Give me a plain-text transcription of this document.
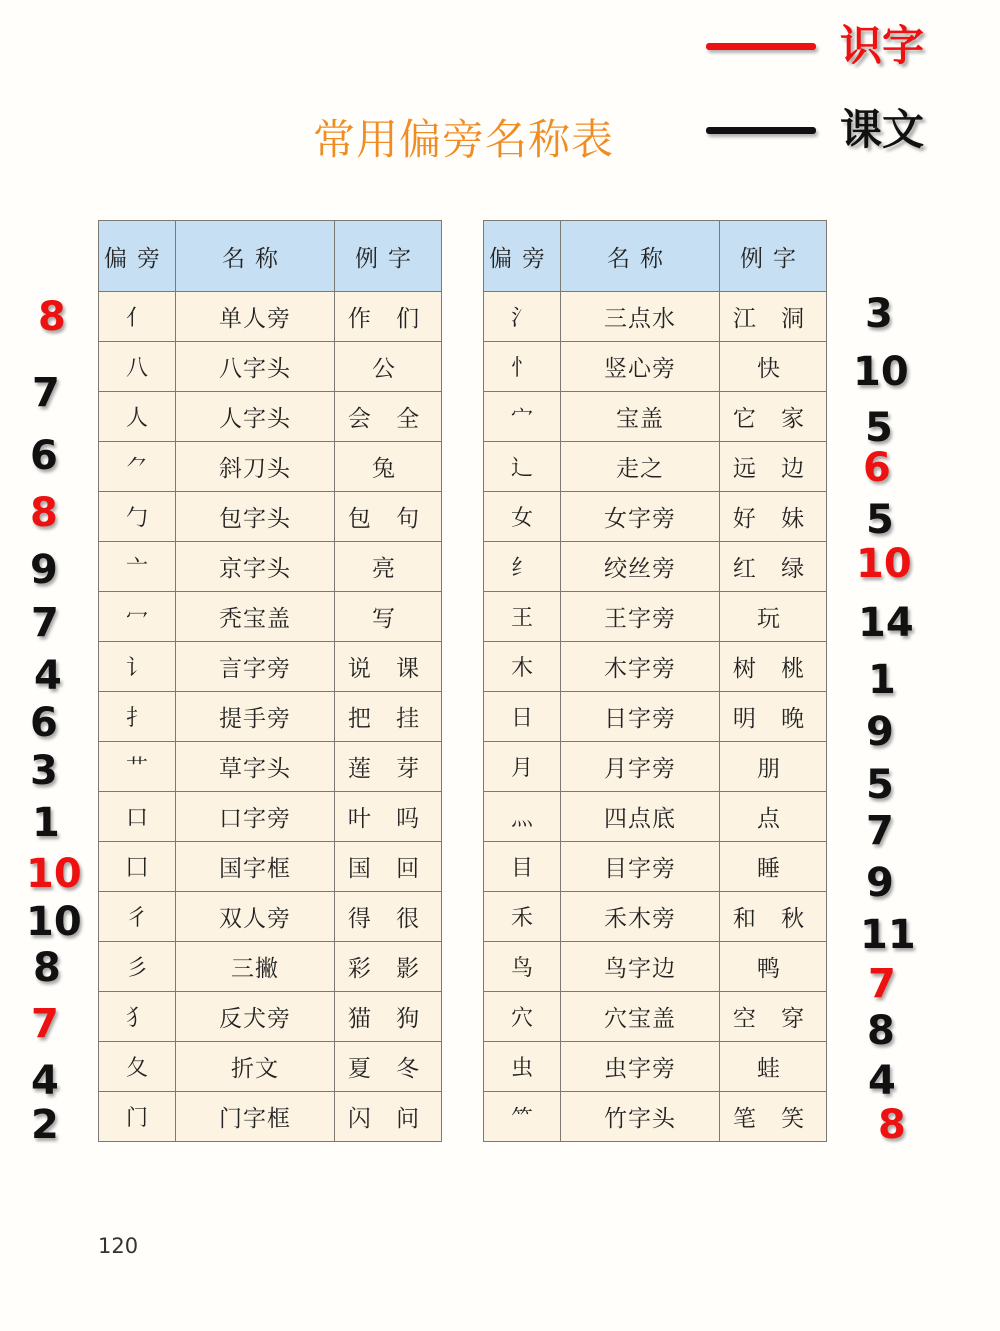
识字
课文
常用偏旁名称表
偏旁	名称	例字
亻	单人旁	作 们
八	八字头	公
人	人字头	会 全
⺈	斜刀头	兔
勹	包字头	包 句
亠	京字头	亮
冖	秃宝盖	写
讠	言字旁	说 课
扌	提手旁	把 挂
艹	草字头	莲 芽
口	口字旁	叶 吗
囗	国字框	国 回
彳	双人旁	得 很
彡	三撇	彩 影
犭	反犬旁	猫 狗
夂	折文	夏 冬
门	门字框	闪 问
偏旁	名称	例字
氵	三点水	江 洞
忄	竖心旁	快
宀	宝盖	它 家
辶	走之	远 边
女	女字旁	好 妹
纟	绞丝旁	红 绿
王	王字旁	玩
木	木字旁	树 桃
日	日字旁	明 晚
月	月字旁	朋
灬	四点底	点
目	目字旁	睡
禾	禾木旁	和 秋
鸟	鸟字边	鸭
穴	穴宝盖	空 穿
虫	虫字旁	蛙
⺮	竹字头	笔 笑
8
7
6
8
9
7
4
6
3
1
10
10
8
7
4
2
3
10
5
6
5
10
14
1
9
5
7
9
11
7
8
4
8
120
